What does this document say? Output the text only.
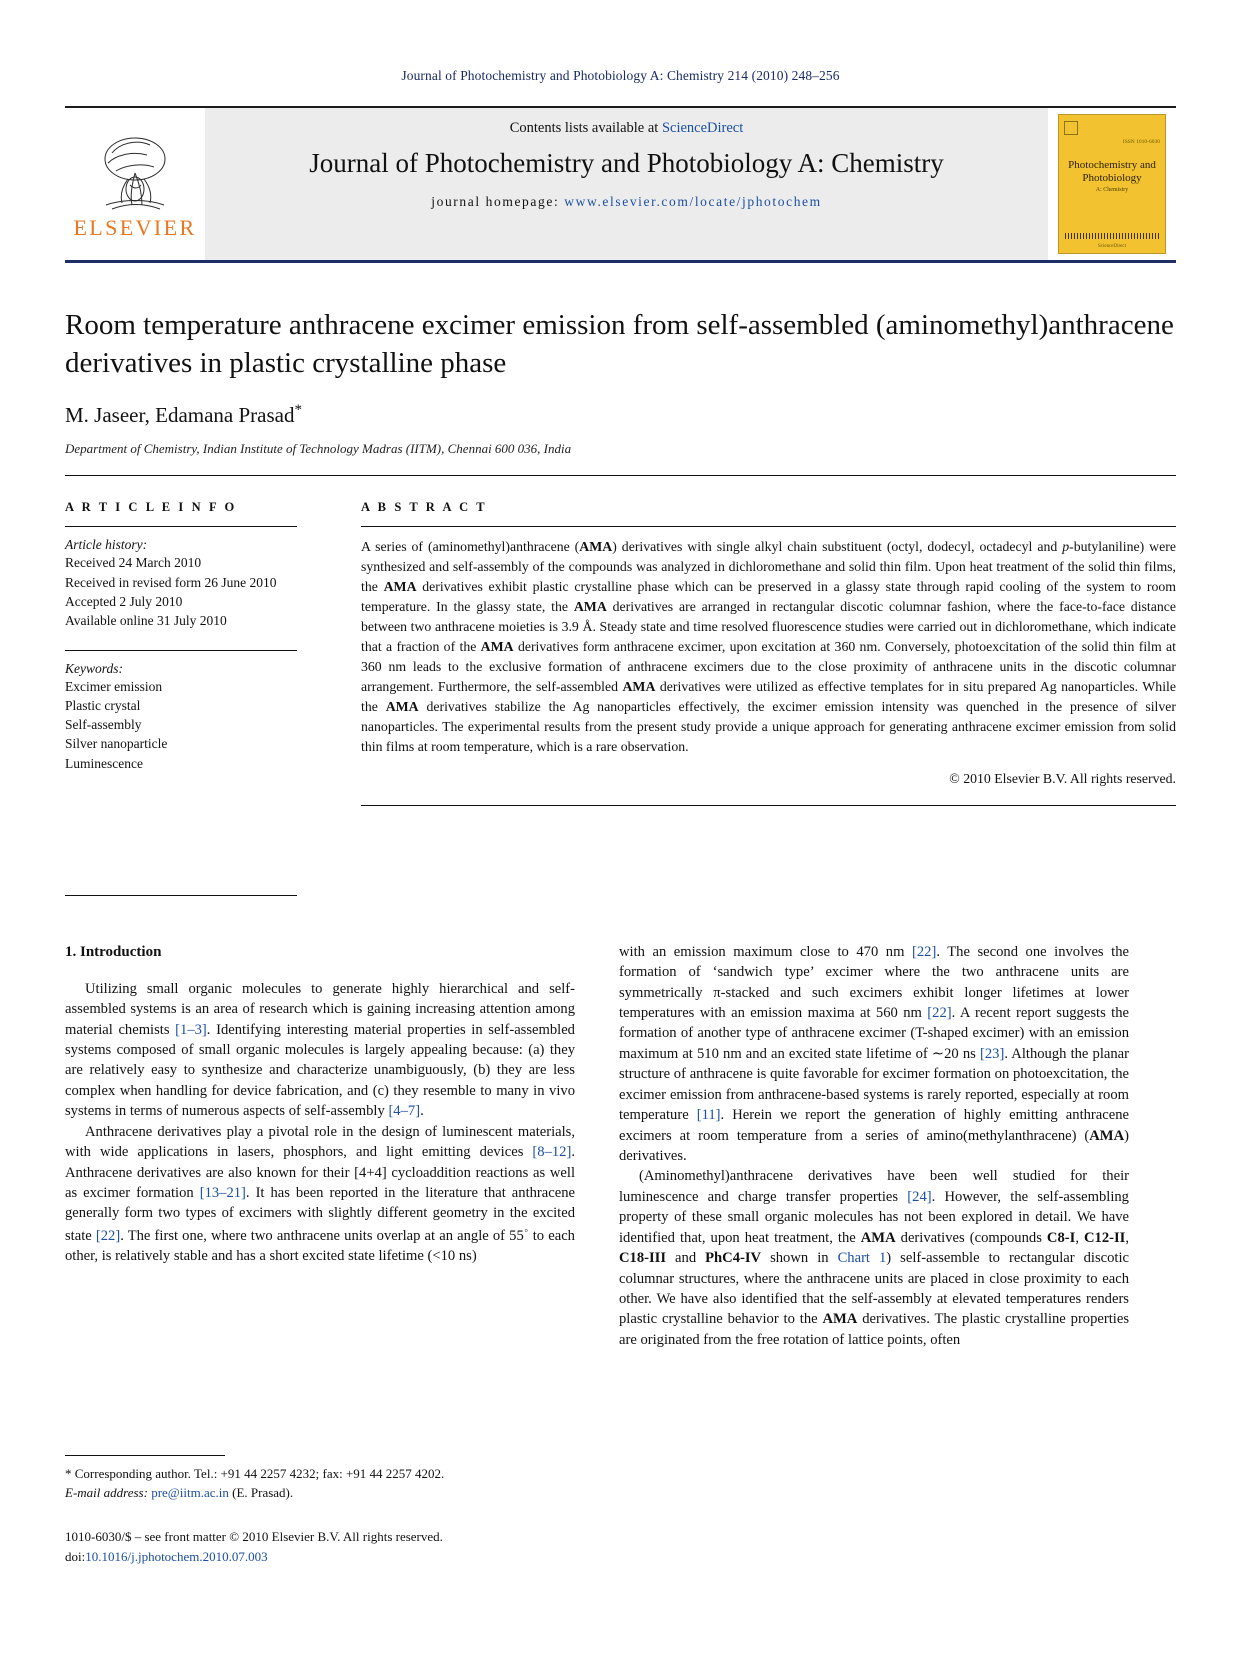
Journal of Photochemistry and Photobiology A: Chemistry 214 (2010) 248–256
ELSEVIER
Contents lists available at ScienceDirect
Journal of Photochemistry and Photobiology A: Chemistry
journal homepage: www.elsevier.com/locate/jphotochem
ISSN 1010-6030
Photochemistry and Photobiology
A: Chemistry
ScienceDirect
Room temperature anthracene excimer emission from self-assembled (aminomethyl)anthracene derivatives in plastic crystalline phase
M. Jaseer, Edamana Prasad*
Department of Chemistry, Indian Institute of Technology Madras (IITM), Chennai 600 036, India
A R T I C L E I N F O
Article history:
Received 24 March 2010
Received in revised form 26 June 2010
Accepted 2 July 2010
Available online 31 July 2010
Keywords:
Excimer emission
Plastic crystal
Self-assembly
Silver nanoparticle
Luminescence
A B S T R A C T
A series of (aminomethyl)anthracene (AMA) derivatives with single alkyl chain substituent (octyl, dodecyl, octadecyl and p-butylaniline) were synthesized and self-assembly of the compounds was analyzed in dichloromethane and solid thin film. Upon heat treatment of the solid thin films, the AMA derivatives exhibit plastic crystalline phase which can be preserved in a glassy state through rapid cooling of the system to room temperature. In the glassy state, the AMA derivatives are arranged in rectangular discotic columnar fashion, where the face-to-face distance between two anthracene moieties is 3.9 Å. Steady state and time resolved fluorescence studies were carried out in dichloromethane, which indicate that a fraction of the AMA derivatives form anthracene excimer, upon excitation at 360 nm. Conversely, photoexcitation of the solid thin film at 360 nm leads to the exclusive formation of anthracene excimers due to the close proximity of anthracene units in the discotic columnar arrangement. Furthermore, the self-assembled AMA derivatives were utilized as effective templates for in situ prepared Ag nanoparticles. While the AMA derivatives stabilize the Ag nanoparticles effectively, the excimer emission intensity was quenched in the presence of silver nanoparticles. The experimental results from the present study provide a unique approach for generating anthracene excimer emission from solid thin films at room temperature, which is a rare observation.
© 2010 Elsevier B.V. All rights reserved.
1. Introduction

Utilizing small organic molecules to generate highly hierarchical and self-assembled systems is an area of research which is gaining increasing attention among material chemists [1–3]. Identifying interesting material properties in self-assembled systems composed of small organic molecules is largely appealing because: (a) they are relatively easy to synthesize and characterize unambiguously, (b) they are less complex when handling for device fabrication, and (c) they resemble to many in vivo systems in terms of numerous aspects of self-assembly [4–7].

Anthracene derivatives play a pivotal role in the design of luminescent materials, with wide applications in lasers, phosphors, and light emitting devices [8–12]. Anthracene derivatives are also known for their [4+4] cycloaddition reactions as well as excimer formation [13–21]. It has been reported in the literature that anthracene generally form two types of excimers with slightly different geometry in the excited state [22]. The first one, where two anthracene units overlap at an angle of 55◦ to each other, is relatively stable and has a short excited state lifetime (<10 ns)

with an emission maximum close to 470 nm [22]. The second one involves the formation of ‘sandwich type’ excimer where the two anthracene units are symmetrically π-stacked and such excimers exhibit longer lifetimes at lower temperatures with an emission maxima at 560 nm [22]. A recent report suggests the formation of another type of anthracene excimer (T-shaped excimer) with an emission maximum at 510 nm and an excited state lifetime of ∼20 ns [23]. Although the planar structure of anthracene is quite favorable for excimer formation on photoexcitation, the excimer emission from anthracene-based systems is rarely reported, especially at room temperature [11]. Herein we report the generation of highly emitting anthracene excimers at room temperature from a series of amino(methylanthracene) (AMA) derivatives.

(Aminomethyl)anthracene derivatives have been well studied for their luminescence and charge transfer properties [24]. However, the self-assembling property of these small organic molecules has not been explored in detail. We have identified that, upon heat treatment, the AMA derivatives (compounds C8-I, C12-II, C18-III and PhC4-IV shown in Chart 1) self-assemble to rectangular discotic columnar structures, where the anthracene units are placed in close proximity to each other. We have also identified that the self-assembly at elevated temperatures renders plastic crystalline behavior to the AMA derivatives. The plastic crystalline properties are originated from the free rotation of lattice points, often

* Corresponding author. Tel.: +91 44 2257 4232; fax: +91 44 2257 4202.
E-mail address: pre@iitm.ac.in (E. Prasad).
1010-6030/$ – see front matter © 2010 Elsevier B.V. All rights reserved.
doi:10.1016/j.jphotochem.2010.07.003
